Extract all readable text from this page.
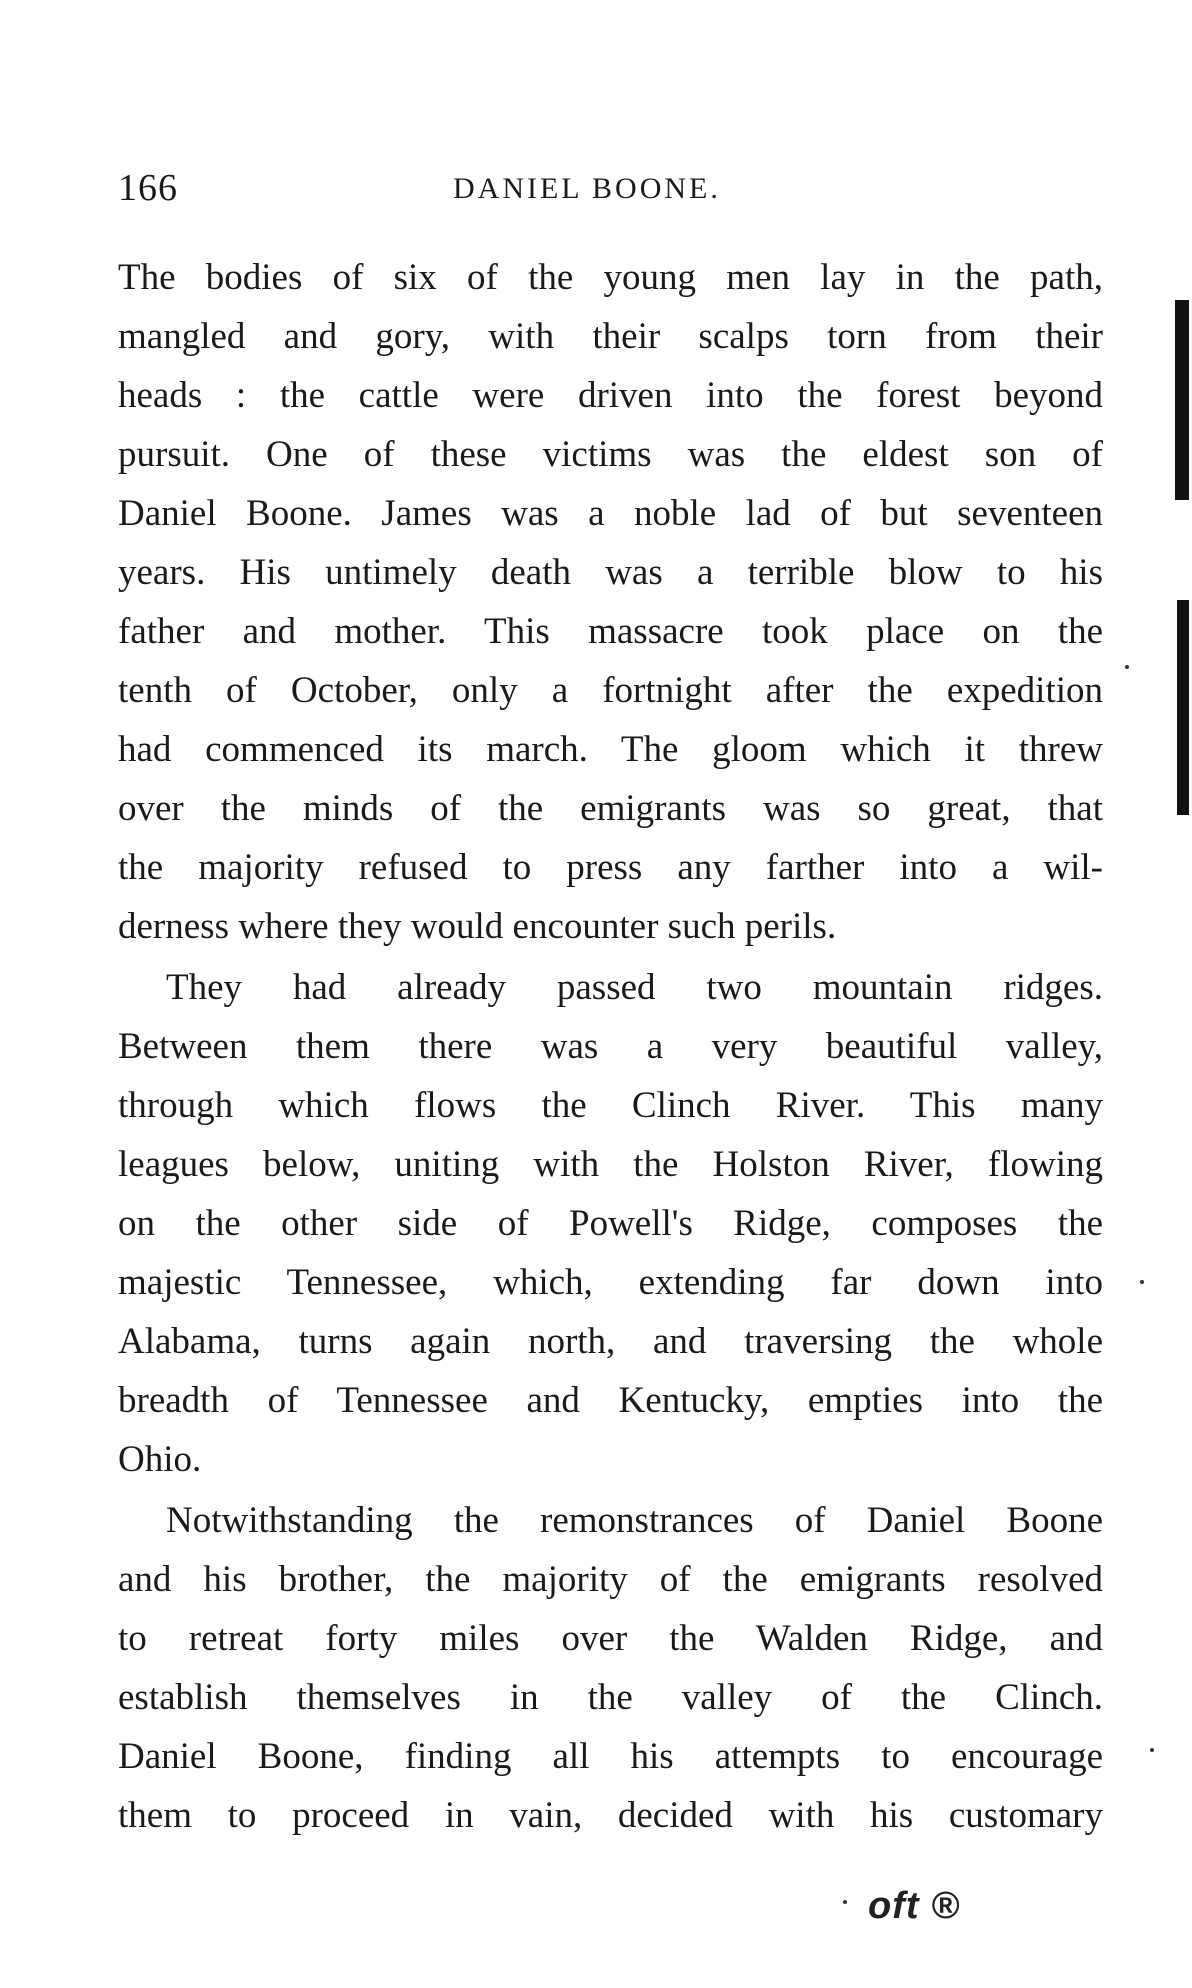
166	DANIEL BOONE.
The bodies of six of the young men lay in the path,
mangled and gory, with their scalps torn from their
heads : the cattle were driven into the forest beyond
pursuit. One of these victims was the eldest son of
Daniel Boone. James was a noble lad of but seventeen
years. His untimely death was a terrible blow to his
father and mother. This massacre took place on the
tenth of October, only a fortnight after the expedition
had commenced its march. The gloom which it threw
over the minds of the emigrants was so great, that
the majority refused to press any farther into a wil-
derness where they would encounter such perils.
They had already passed two mountain ridges.
Between them there was a very beautiful valley,
through which flows the Clinch River. This many
leagues below, uniting with the Holston River, flowing
on the other side of Powell's Ridge, composes the
majestic Tennessee, which, extending far down into
Alabama, turns again north, and traversing the whole
breadth of Tennessee and Kentucky, empties into the
Ohio.
Notwithstanding the remonstrances of Daniel Boone
and his brother, the majority of the emigrants resolved
to retreat forty miles over the Walden Ridge, and
establish themselves in the valley of the Clinch.
Daniel Boone, finding all his attempts to encourage
them to proceed in vain, decided with his customary
oft ®
